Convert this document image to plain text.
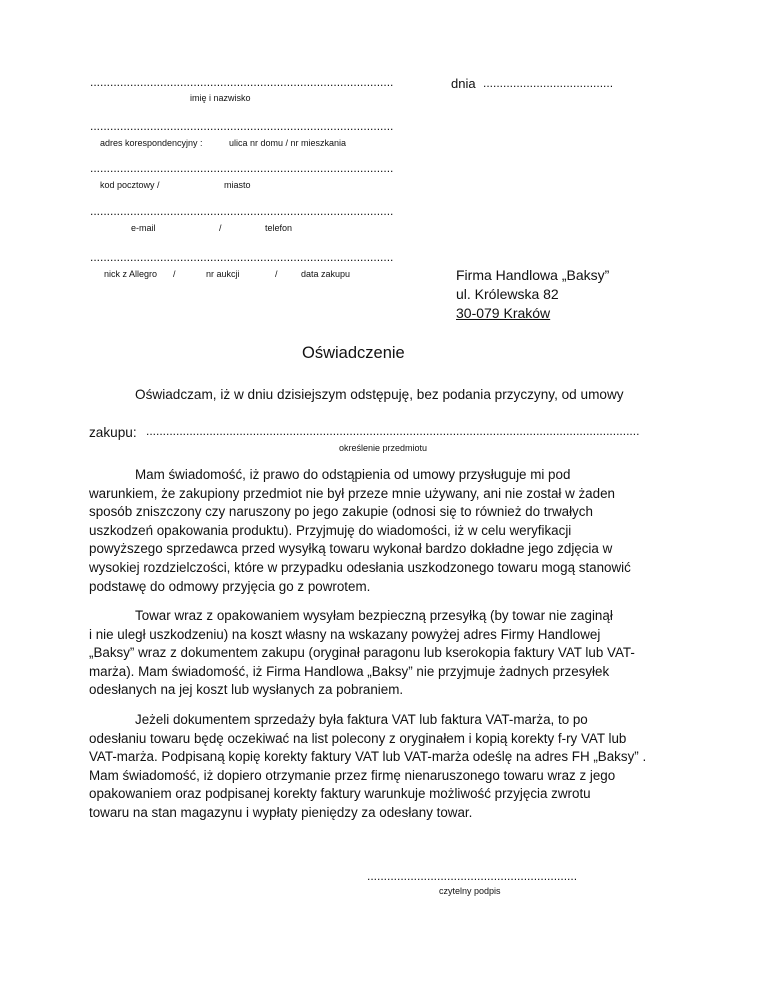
...........................................................................................
imię i nazwisko
...........................................................................................
adres korespondencyjny :	ulica nr domu / nr mieszkania
...........................................................................................
kod pocztowy /	miasto
...........................................................................................
e-mail	/	telefon
...........................................................................................
nick z Allegro /	nr aukcji	/	data zakupu
dnia .......................................
Firma Handlowa „Baksy”
ul. Królewska 82
30-079 Kraków
Oświadczenie
Oświadczam, iż w dniu dzisiejszym odstępuję, bez podania przyczyny, od umowy
zakupu: ....................................................................................................................................................
określenie przedmiotu

Mam świadomość, iż prawo do odstąpienia od umowy przysługuje mi pod

warunkiem, że zakupiony przedmiot nie był przeze mnie używany, ani nie został w żaden

sposób zniszczony czy naruszony po jego zakupie (odnosi się to również do trwałych

uszkodzeń opakowania produktu). Przyjmuję do wiadomości, iż w celu weryfikacji

powyższego sprzedawca przed wysyłką towaru wykonał bardzo dokładne jego zdjęcia w

wysokiej rozdzielczości, które w przypadku odesłania uszkodzonego towaru mogą stanowić

podstawę do odmowy przyjęcia go z powrotem.

Towar wraz z opakowaniem wysyłam bezpieczną przesyłką (by towar nie zaginął

i nie uległ uszkodzeniu) na koszt własny na wskazany powyżej adres Firmy Handlowej

„Baksy” wraz z dokumentem zakupu (oryginał paragonu lub kserokopia faktury VAT lub VAT-

marża). Mam świadomość, iż Firma Handlowa „Baksy” nie przyjmuje żadnych przesyłek

odesłanych na jej koszt lub wysłanych za pobraniem.

Jeżeli dokumentem sprzedaży była faktura VAT lub faktura VAT-marża, to po

odesłaniu towaru będę oczekiwać na list polecony z oryginałem i kopią korekty f-ry VAT lub

VAT-marża. Podpisaną kopię korekty faktury VAT lub VAT-marża odeślę na adres FH „Baksy” .

Mam świadomość, iż dopiero otrzymanie przez firmę nienaruszonego towaru wraz z jego

opakowaniem oraz podpisanej korekty faktury warunkuje możliwość przyjęcia zwrotu

towaru na stan magazynu i wypłaty pieniędzy za odesłany towar.

...............................................................
czytelny podpis
